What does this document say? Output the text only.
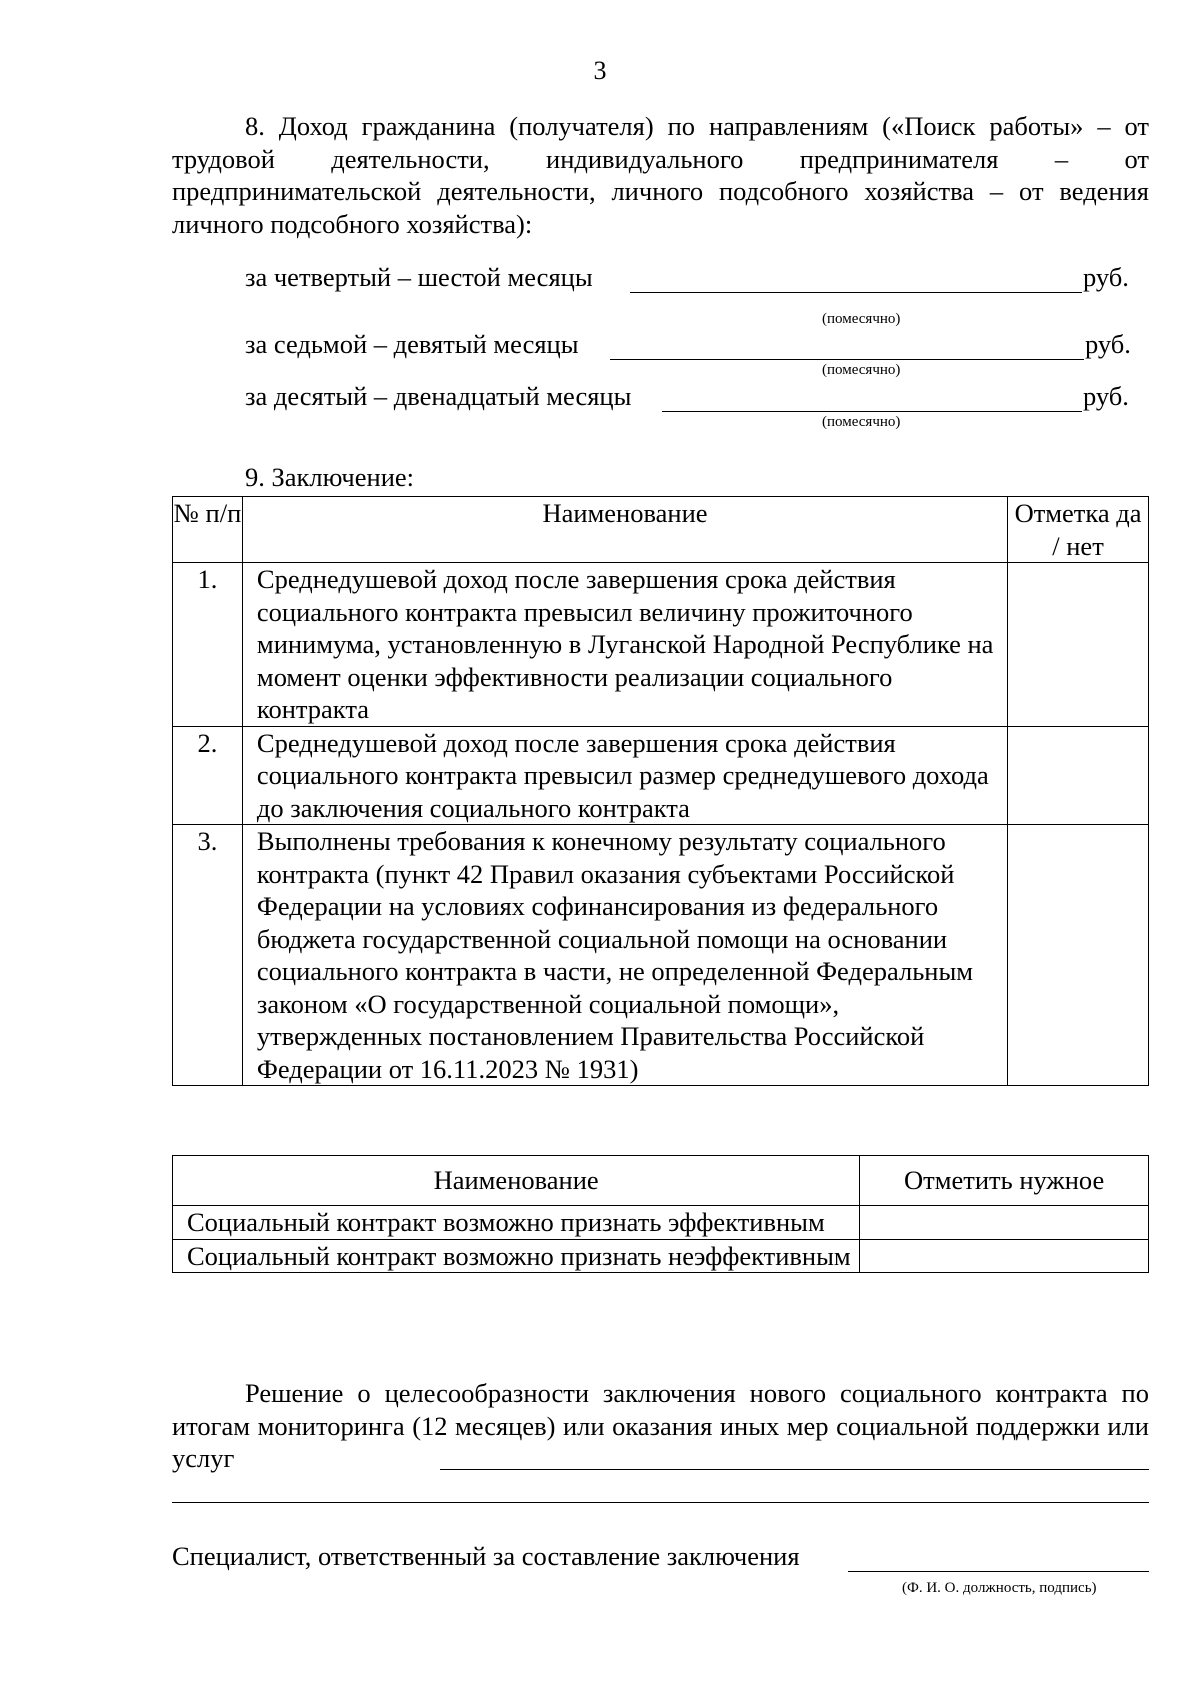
3

8. Доход гражданина (получателя) по направлениям («Поиск работы» – от трудовой деятельности, индивидуального предпринимателя – от предпринимательской деятельности, личного подсобного хозяйства – от ведения личного подсобного хозяйства):

за четвертый – шестой месяцы	руб.
(помесячно)
за седьмой – девятый месяцы	руб.
(помесячно)
за десятый – двенадцатый месяцы	руб.
(помесячно)
9. Заключение:
№ п/п	Наименование	Отметка да / нет
1.	Среднедушевой доход после завершения срока действия социального контракта превысил величину прожиточного минимума, установленную в Луганской Народной Республике на момент оценки эффективности реализации социального контракта	
2.	Среднедушевой доход после завершения срока действия социального контракта превысил размер среднедушевого дохода до заключения социального контракта	
3.	Выполнены требования к конечному результату социального контракта (пункт 42 Правил оказания субъектами Российской Федерации на условиях софинансирования из федерального бюджета государственной социальной помощи на основании социального контракта в части, не определенной Федеральным законом «О государственной социальной помощи», утвержденных постановлением Правительства Российской Федерации от 16.11.2023 № 1931)	
Наименование	Отметить нужное
Социальный контракт возможно признать эффективным	
Социальный контракт возможно признать неэффективным	

Решение о целесообразности заключения нового социального контракта по итогам мониторинга (12 месяцев) или оказания иных мер социальной поддержки или услуг

Специалист, ответственный за составление заключения
(Ф. И. О. должность, подпись)
